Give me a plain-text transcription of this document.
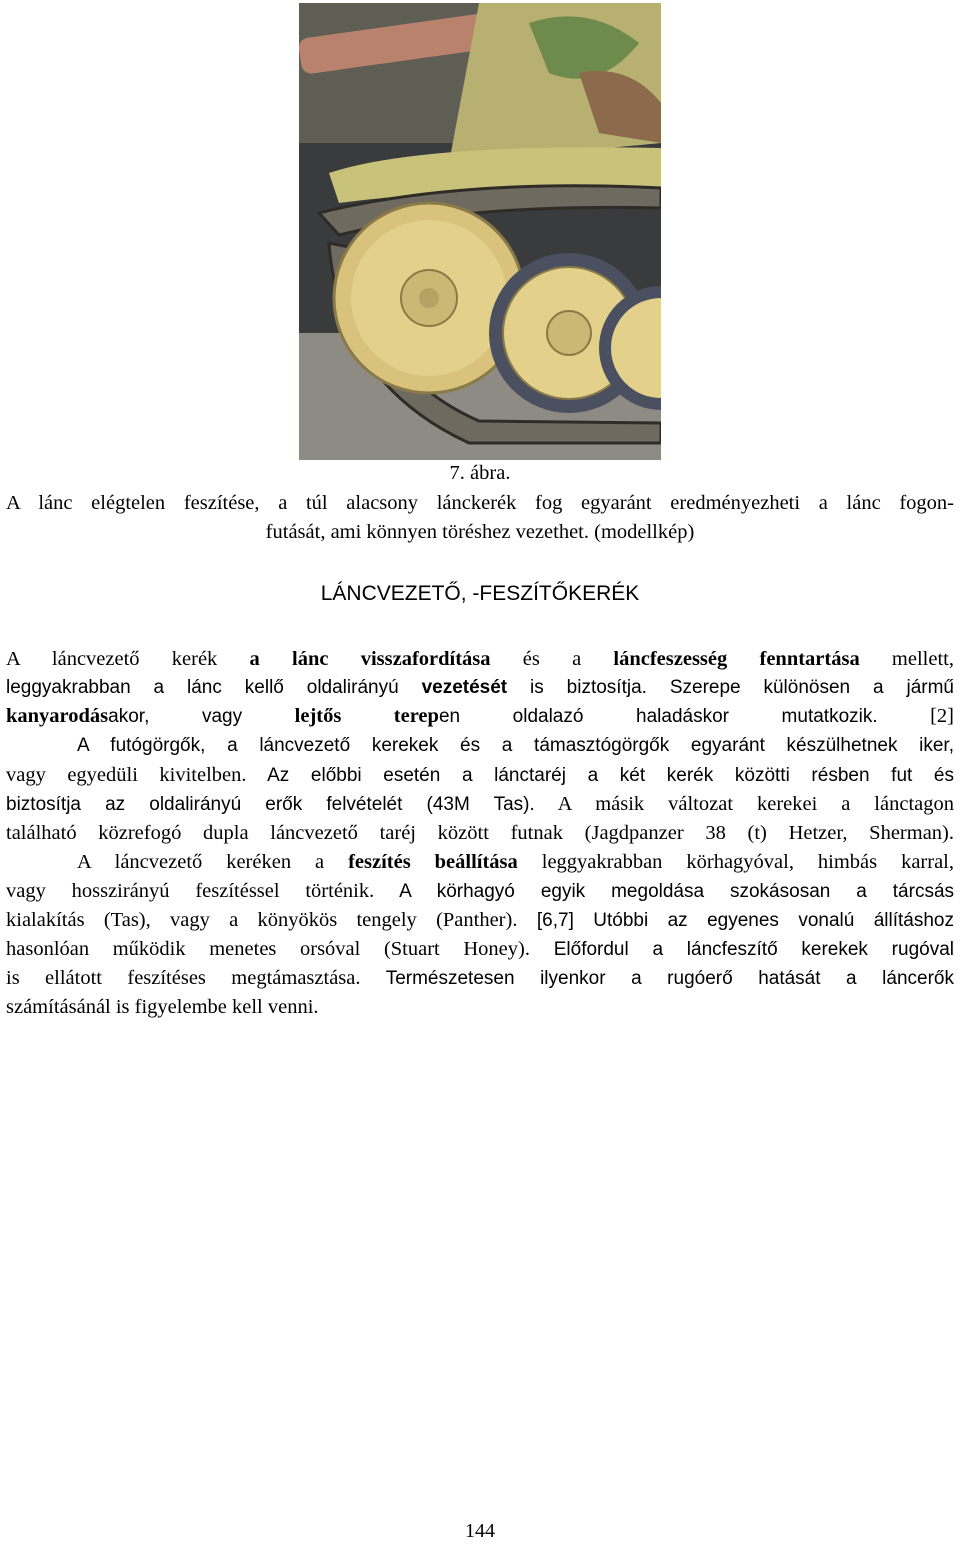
7. ábra.
A lánc elégtelen feszítése, a túl alacsony lánckerék fog egyaránt eredményezheti a lánc fogon-
futását, ami könnyen töréshez vezethet. (modellkép)
LÁNCVEZETŐ, -FESZÍTŐKERÉK
A láncvezető kerék a lánc visszafordítása és a láncfeszesség fenntartása mellett,
leggyakrabban a lánc kellő oldalirányú vezetését is biztosítja. Szerepe különösen a jármű
kanyarodásakor, vagy lejtős terepen oldalazó haladáskor mutatkozik. [2]
A futógörgők, a láncvezető kerekek és a támasztógörgők egyaránt készülhetnek iker,
vagy egyedüli kivitelben. Az előbbi esetén a lánctaréj a két kerék közötti résben fut és
biztosítja az oldalirányú erők felvételét (43M Tas). A másik változat kerekei a lánctagon
található közrefogó dupla láncvezető taréj között futnak (Jagdpanzer 38 (t) Hetzer, Sherman).
A láncvezető keréken a feszítés beállítása leggyakrabban körhagyóval, himbás karral,
vagy hosszirányú feszítéssel történik. A körhagyó egyik megoldása szokásosan a tárcsás
kialakítás (Tas), vagy a könyökös tengely (Panther). [6,7] Utóbbi az egyenes vonalú állításhoz
hasonlóan működik menetes orsóval (Stuart Honey). Előfordul a láncfeszítő kerekek rugóval
is ellátott feszítéses megtámasztása. Természetesen ilyenkor a rugóerő hatását a láncerők
számításánál is figyelembe kell venni.
144
